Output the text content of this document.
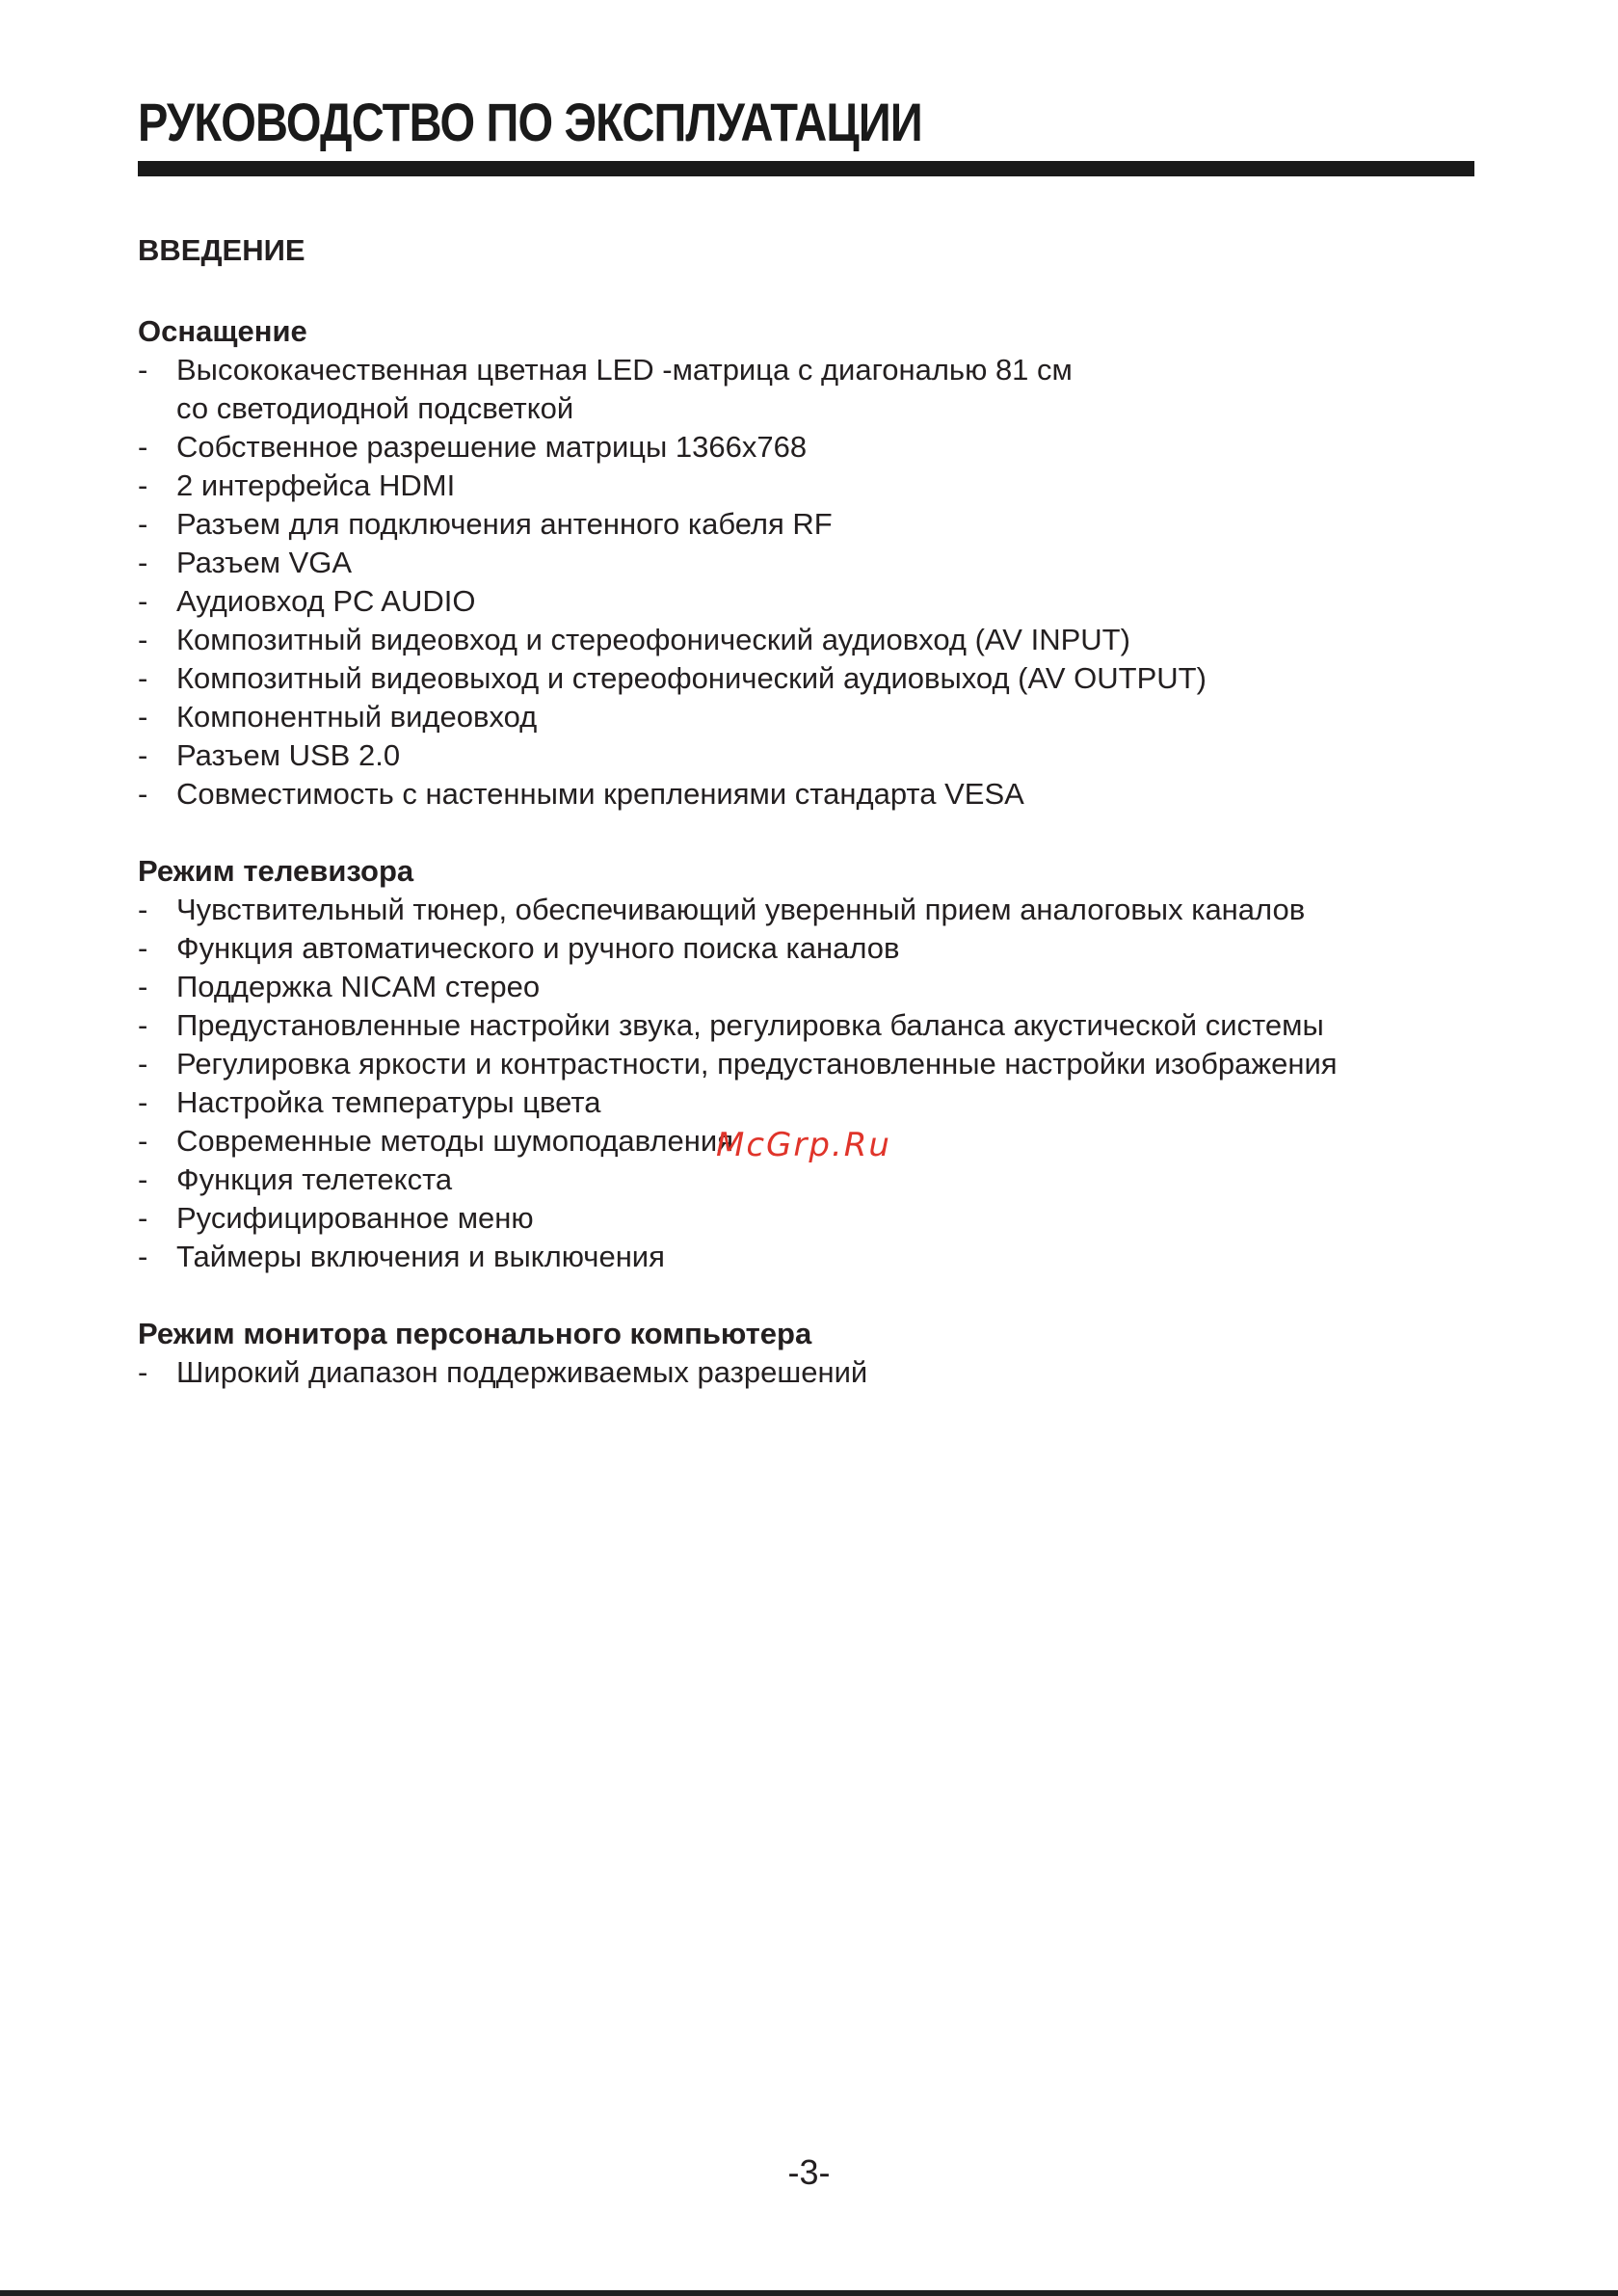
РУКОВОДСТВО ПО ЭКСПЛУАТАЦИИ
ВВЕДЕНИЕ
Оснащение
- Высококачественная цветная LED -матрица с диагональю 81 см
со светодиодной подсветкой
- Собственное разрешение матрицы 1366x768
- 2 интерфейса HDMI
- Разъем для подключения антенного кабеля RF
- Разъем VGA
- Аудиовход PC AUDIO
- Композитный видеовход и стереофонический аудиовход (AV INPUT)
- Композитный видеовыход и стереофонический аудиовыход (AV OUTPUT)
- Компонентный видеовход
- Разъем USB 2.0
- Совместимость с настенными креплениями стандарта VESA
Режим телевизора
- Чувствительный тюнер, обеспечивающий уверенный прием аналоговых каналов
- Функция автоматического и ручного поиска каналов
- Поддержка NICAM стерео
- Предустановленные настройки звука, регулировка баланса акустической системы
- Регулировка яркости и контрастности, предустановленные настройки изображения
- Настройка температуры цвета
- Современные методы шумоподавления
- Функция телетекста
- Русифицированное меню
- Таймеры включения и выключения
Режим монитора персонального компьютера
- Широкий диапазон поддерживаемых разрешений
McGrp.Ru
-3-
